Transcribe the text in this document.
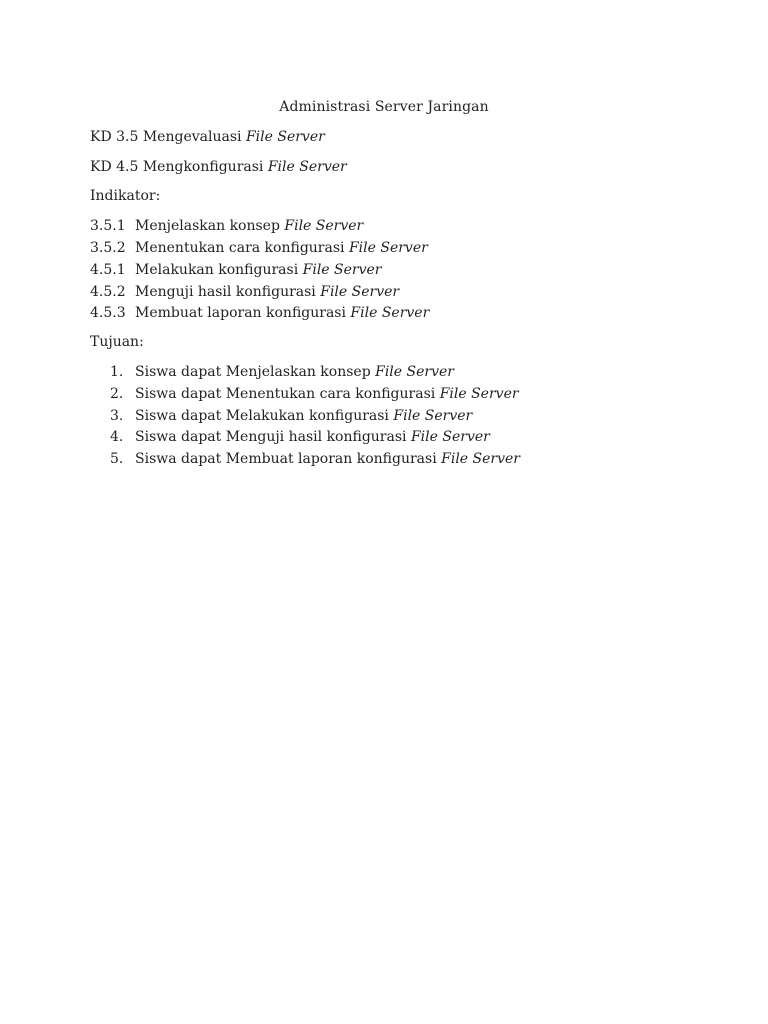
Administrasi Server Jaringan
KD 3.5 Mengevaluasi File Server
KD 4.5 Mengkonfigurasi File Server
Indikator:
3.5.1 Menjelaskan konsep File Server
3.5.2 Menentukan cara konfigurasi File Server
4.5.1 Melakukan konfigurasi File Server
4.5.2 Menguji hasil konfigurasi File Server
4.5.3 Membuat laporan konfigurasi File Server
Tujuan:
1. Siswa dapat Menjelaskan konsep File Server
2. Siswa dapat Menentukan cara konfigurasi File Server
3. Siswa dapat Melakukan konfigurasi File Server
4. Siswa dapat Menguji hasil konfigurasi File Server
5. Siswa dapat Membuat laporan konfigurasi File Server
